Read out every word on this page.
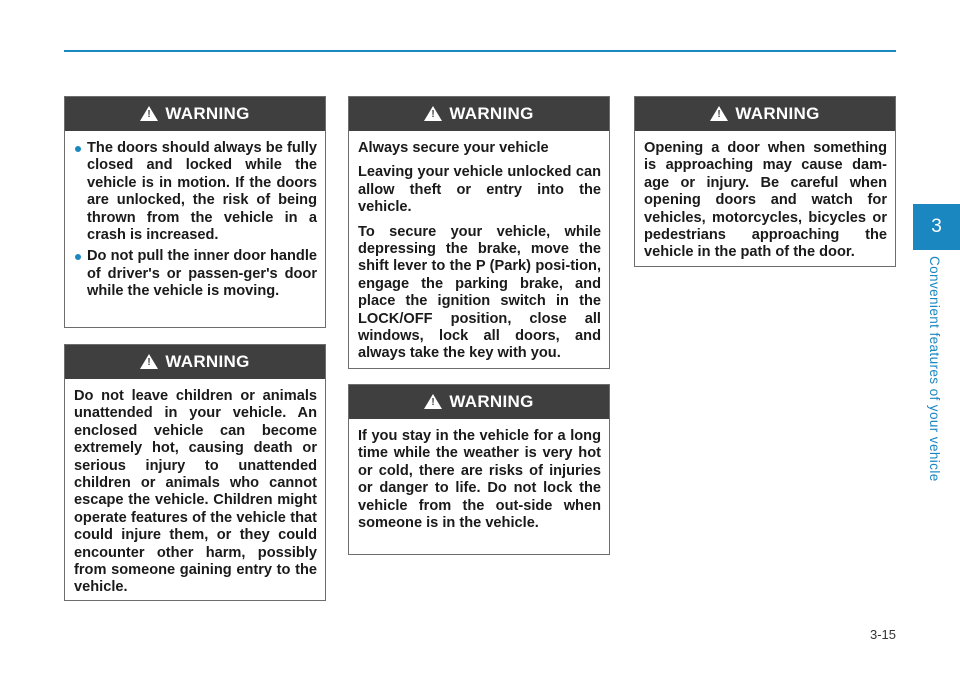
!
WARNING
The doors should always be fully closed and locked while the vehicle is in motion. If the doors are unlocked, the risk of being thrown from the vehicle in a crash is increased.
Do not pull the inner door handle of driver's or passen-ger's door while the vehicle is moving.
!
WARNING

Do not leave children or animals unattended in your vehicle. An enclosed vehicle can become extremely hot, causing death or serious injury to unattended children or animals who cannot escape the vehicle. Children might operate features of the vehicle that could injure them, or they could encounter other harm, possibly from someone gaining entry to the vehicle.

!
WARNING

Always secure your vehicle

Leaving your vehicle unlocked can allow theft or entry into the vehicle.

To secure your vehicle, while depressing the brake, move the shift lever to the P (Park) posi-tion, engage the parking brake, and place the ignition switch in the LOCK/OFF position, close all windows, lock all doors, and always take the key with you.

!
WARNING

If you stay in the vehicle for a long time while the weather is very hot or cold, there are risks of injuries or danger to life. Do not lock the vehicle from the out-side when someone is in the vehicle.

!
WARNING

Opening a door when something is approaching may cause dam-age or injury. Be careful when opening doors and watch for vehicles, motorcycles, bicycles or pedestrians approaching the vehicle in the path of the door.

3
Convenient features of your vehicle
3-15
